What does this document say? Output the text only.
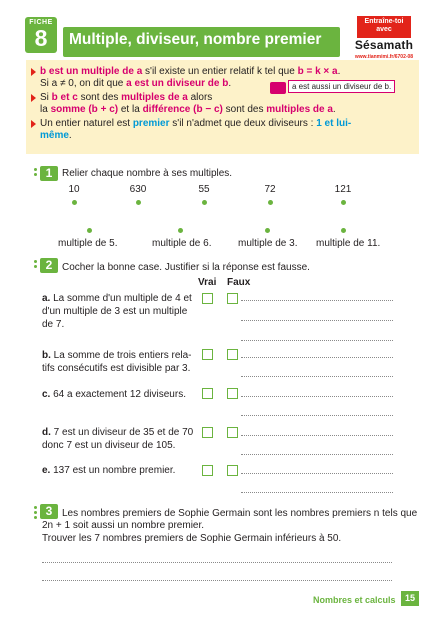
FICHE
8	Multiple, diviseur, nombre premier
Entraîne-toi avec
Sésamath
www.tianmimi.fr/6702-08
b est un multiple de a s'il existe un entier relatif k tel que b = k × a.
Si a ≠ 0, on dit que a est un diviseur de b.	a est aussi un diviseur de b.
Si b et c sont des multiples de a alors
la somme (b + c) et la différence (b − c) sont des multiples de a.
Un entier naturel est premier s'il n'admet que deux diviseurs : 1 et lui-
même.
1 Relier chaque nombre à ses multiples.
10	630	55	72	121
multiple de 5.	multiple de 6.	multiple de 3. multiple de 11.
2 Cocher la bonne case. Justifier si la réponse est fausse.
Vrai Faux
a. La somme d'un multiple de 4 et
d'un multiple de 3 est un multiple
de 7.
b. La somme de trois entiers rela-
tifs consécutifs est divisible par 3.
c. 64 a exactement 12 diviseurs.
d. 7 est un diviseur de 35 et de 70
donc 7 est un diviseur de 105.
e. 137 est un nombre premier.
3 Les nombres premiers de Sophie Germain sont les nombres premiers n tels que
2n + 1 soit aussi un nombre premier.
Trouver les 7 nombres premiers de Sophie Germain inférieurs à 50.
Nombres et calculs	15
